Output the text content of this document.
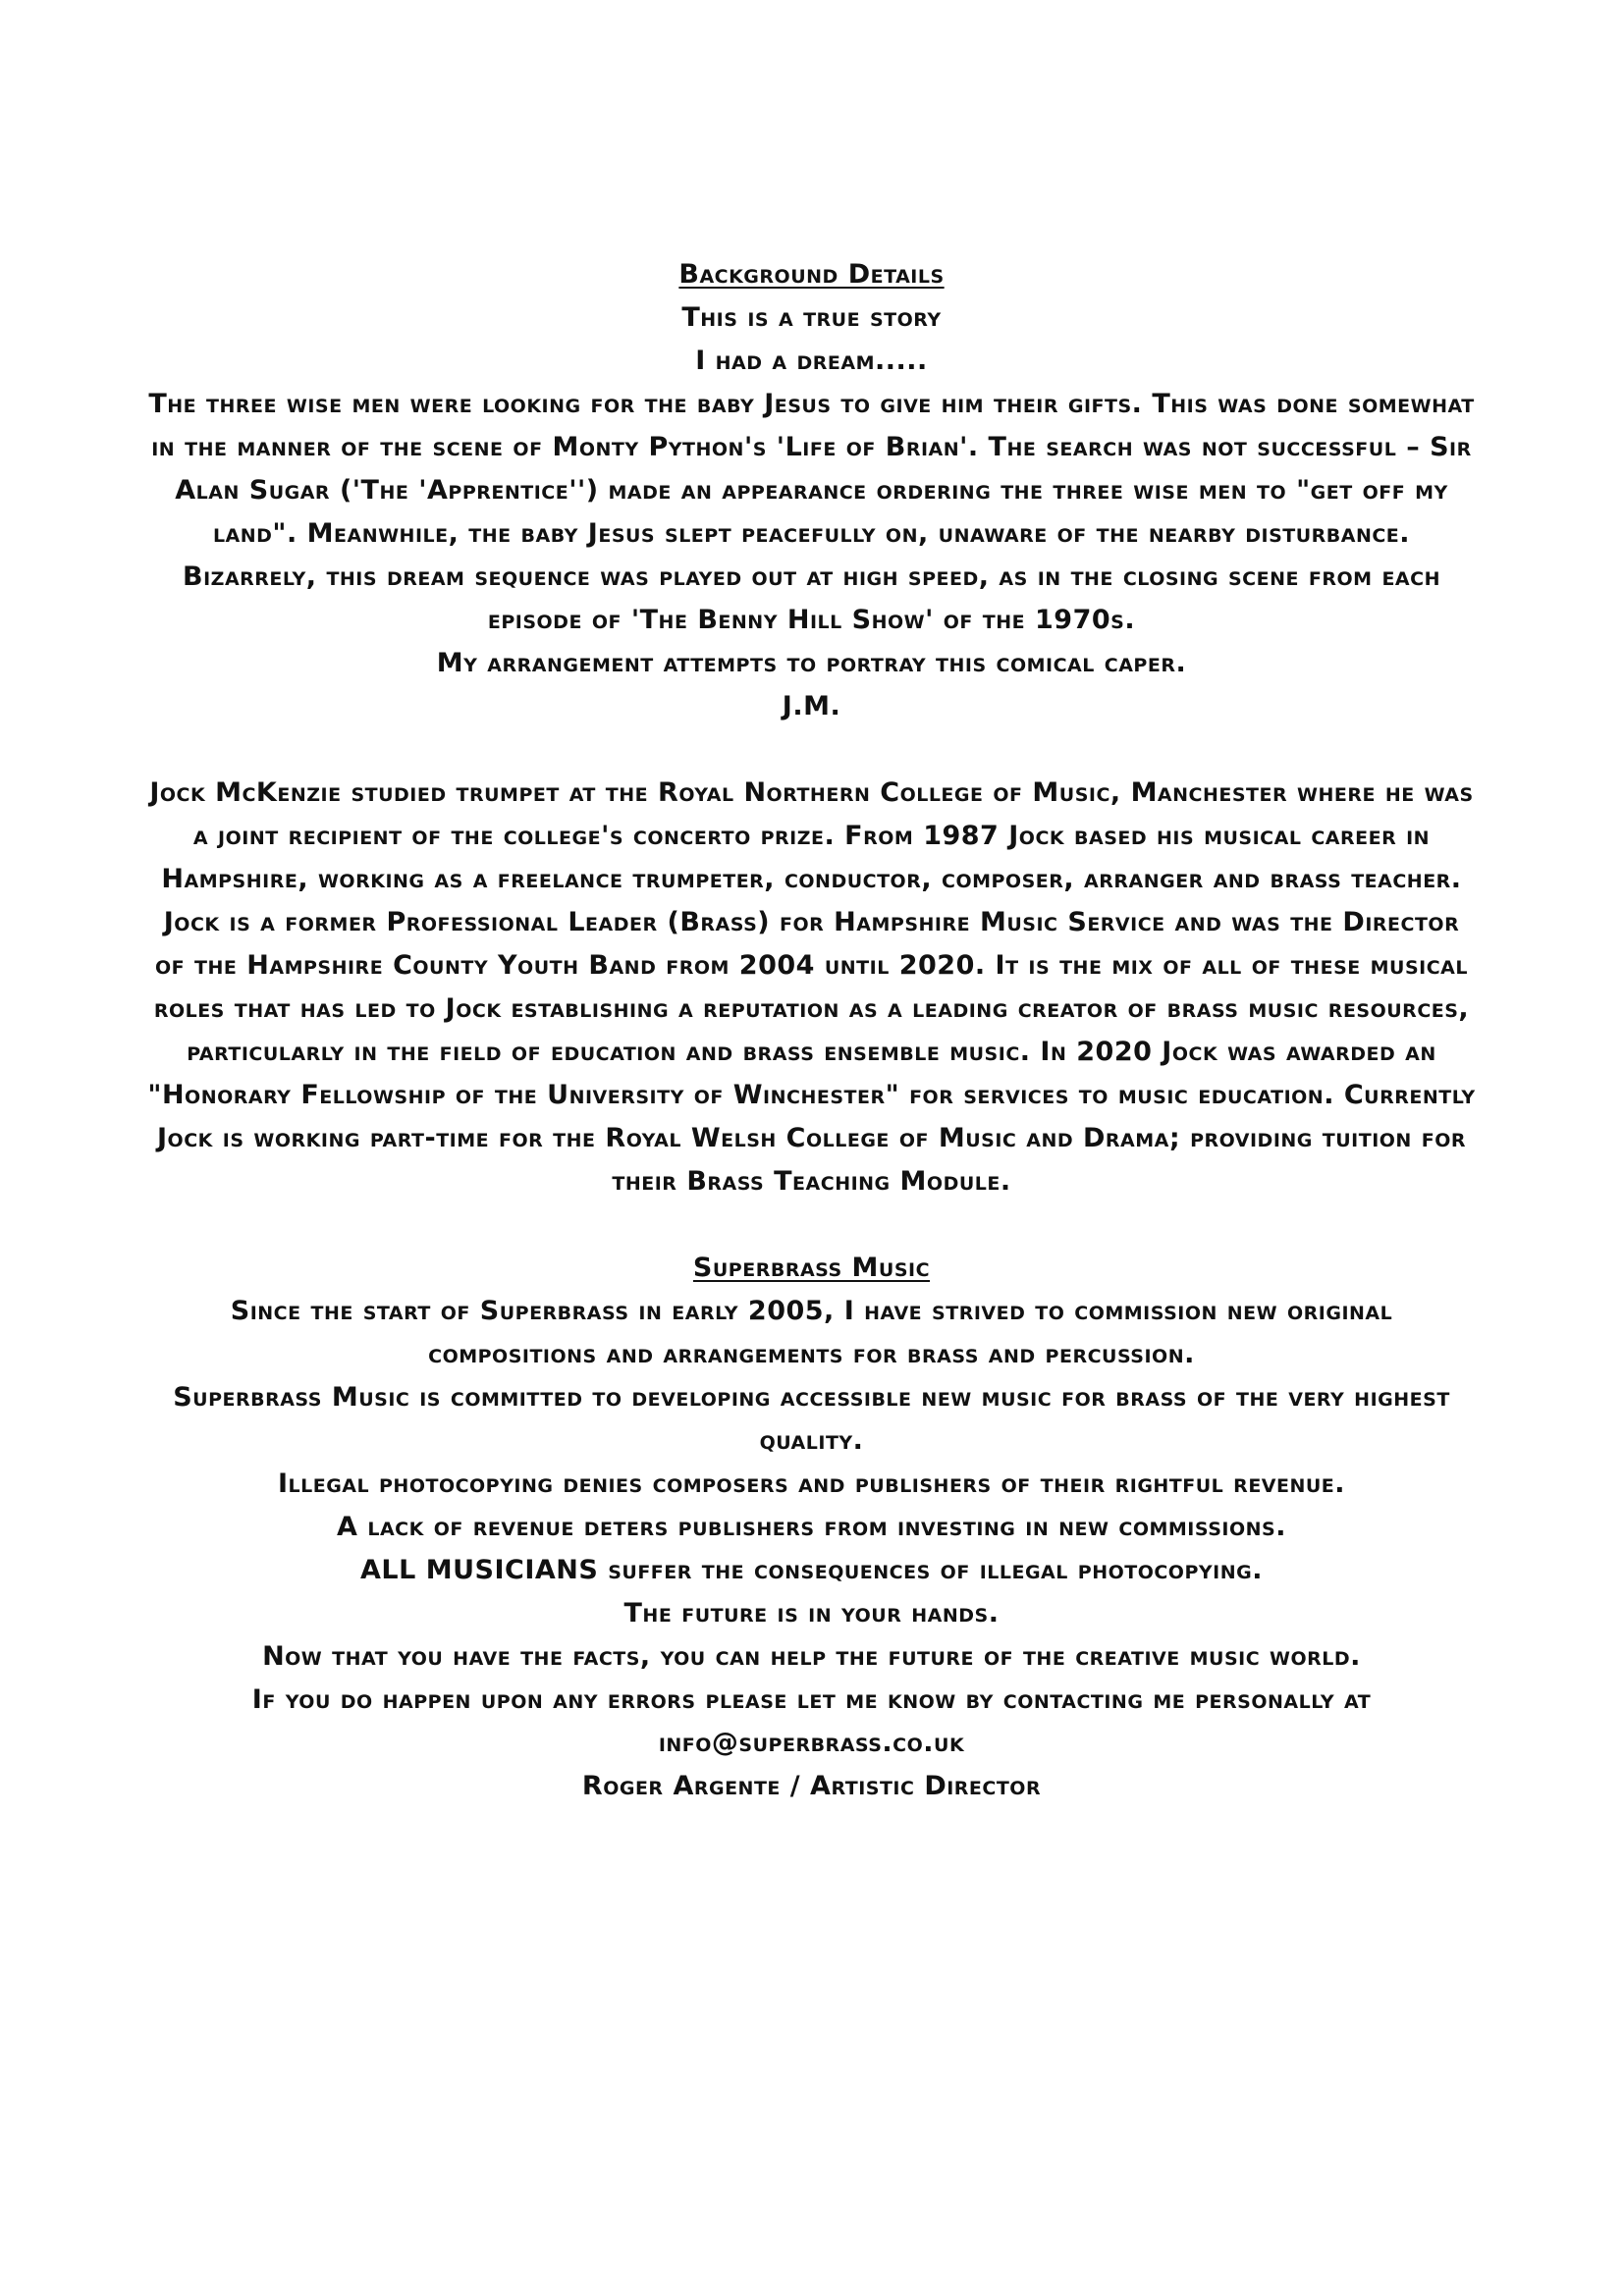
Background Details
This is a true story
I had a dream.....

The three wise men were looking for the baby Jesus to give him their gifts. This was done somewhat in the manner of the scene of Monty Python's 'Life of Brian'. The search was not successful – Sir Alan Sugar ('The 'Apprentice'') made an appearance ordering the three wise men to "get off my land". Meanwhile, the baby Jesus slept peacefully on, unaware of the nearby disturbance. Bizarrely, this dream sequence was played out at high speed, as in the closing scene from each episode of 'The Benny Hill Show' of the 1970s.

My arrangement attempts to portray this comical caper.
J.M.

Jock McKenzie studied trumpet at the Royal Northern College of Music, Manchester where he was a joint recipient of the college's concerto prize. From 1987 Jock based his musical career in Hampshire, working as a freelance trumpeter, conductor, composer, arranger and brass teacher. Jock is a former Professional Leader (Brass) for Hampshire Music Service and was the Director of the Hampshire County Youth Band from 2004 until 2020. It is the mix of all of these musical roles that has led to Jock establishing a reputation as a leading creator of brass music resources, particularly in the field of education and brass ensemble music. In 2020 Jock was awarded an "Honorary Fellowship of the University of Winchester" for services to music education. Currently Jock is working part-time for the Royal Welsh College of Music and Drama; providing tuition for their Brass Teaching Module.

Superbrass Music

Since the start of Superbrass in early 2005, I have strived to commission new original compositions and arrangements for brass and percussion.

Superbrass Music is committed to developing accessible new music for brass of the very highest quality.

Illegal photocopying denies composers and publishers of their rightful revenue.
A lack of revenue deters publishers from investing in new commissions.
ALL MUSICIANS suffer the consequences of illegal photocopying.
The future is in your hands.
Now that you have the facts, you can help the future of the creative music world.
If you do happen upon any errors please let me know by contacting me personally at
info@superbrass.co.uk
Roger Argente / Artistic Director
